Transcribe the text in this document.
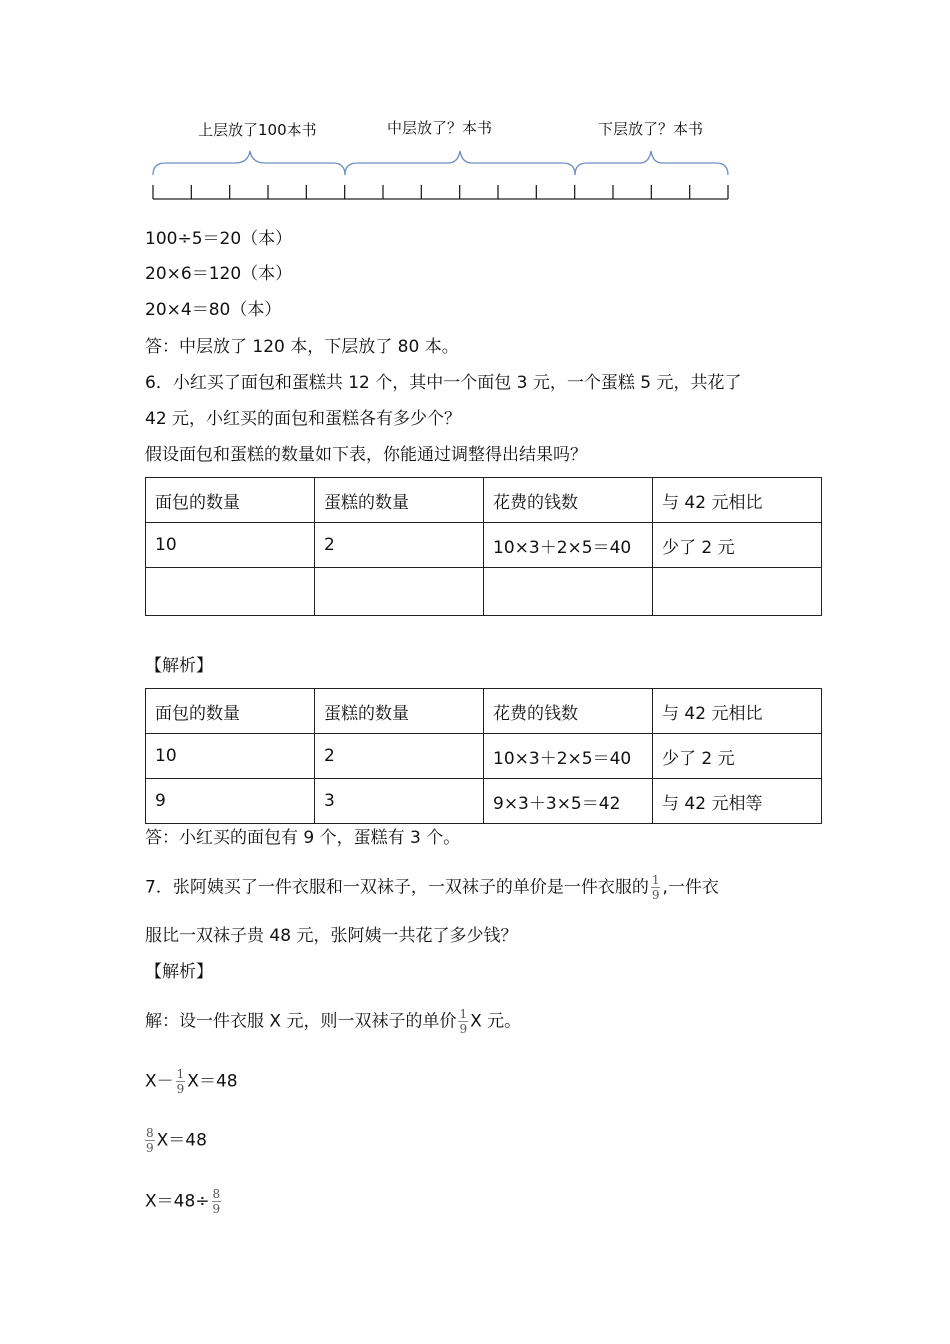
上层放了100本书	中层放了？本书	下层放了？本书
100÷5＝20（本）
20×6＝120（本）
20×4＝80（本）
答：中层放了 120 本，下层放了 80 本。
6．小红买了面包和蛋糕共 12 个，其中一个面包 3 元，一个蛋糕 5 元，共花了
42 元，小红买的面包和蛋糕各有多少个？
假设面包和蛋糕的数量如下表，你能通过调整得出结果吗？
面包的数量	蛋糕的数量	花费的钱数	与 42 元相比
10	2	10×3＋2×5＝40	少了 2 元

【解析】
面包的数量	蛋糕的数量	花费的钱数	与 42 元相比
10	2	10×3＋2×5＝40	少了 2 元
9	3	9×3＋3×5＝42	与 42 元相等
答：小红买的面包有 9 个，蛋糕有 3 个。
7．张阿姨买了一件衣服和一双袜子，一双袜子的单价是一件衣服的 $\frac{1}{9}$ ,一件衣
服比一双袜子贵 48 元，张阿姨一共花了多少钱？
【解析】
解：设一件衣服 X 元，则一双袜子的单价 $\frac{1}{9}$ X 元。
$X- \frac{1}{9} X=48$
$\frac{8}{9} X=48$
$X=48\div \frac{8}{9}$
